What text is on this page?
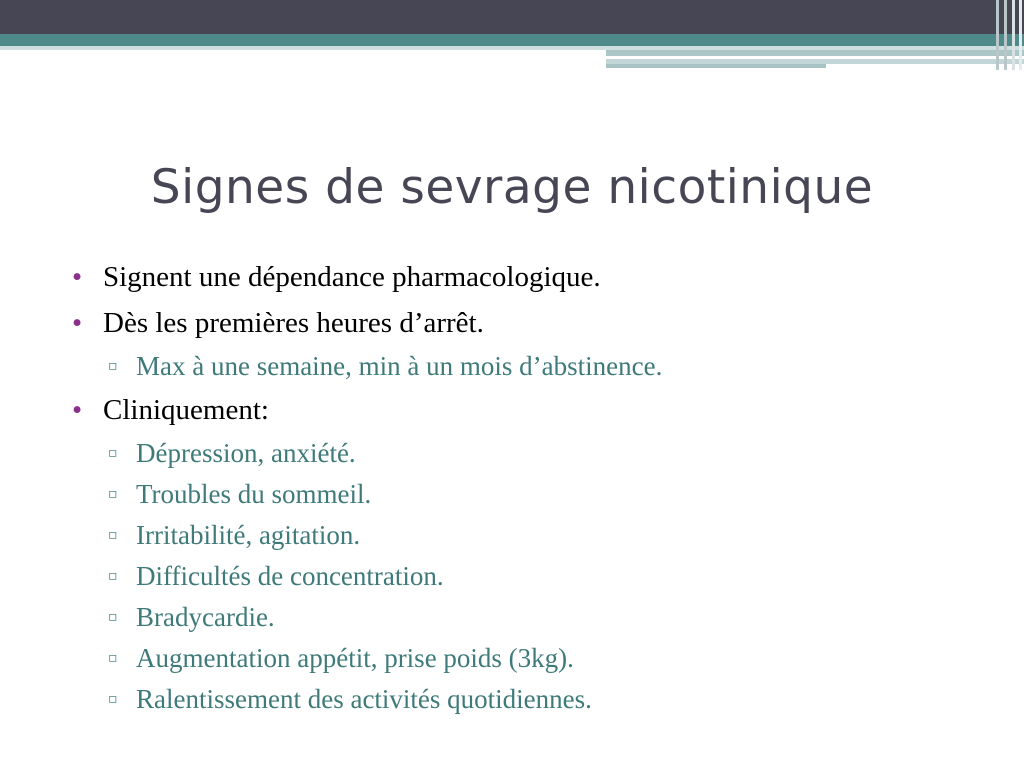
Signes de sevrage nicotinique
• Signent une dépendance pharmacologique.
• Dès les premières heures d’arrêt.
▫ Max à une semaine, min à un mois d’abstinence.
• Cliniquement:
▫ Dépression, anxiété.
▫ Troubles du sommeil.
▫ Irritabilité, agitation.
▫ Difficultés de concentration.
▫ Bradycardie.
▫ Augmentation appétit, prise poids (3kg).
▫ Ralentissement des activités quotidiennes.
